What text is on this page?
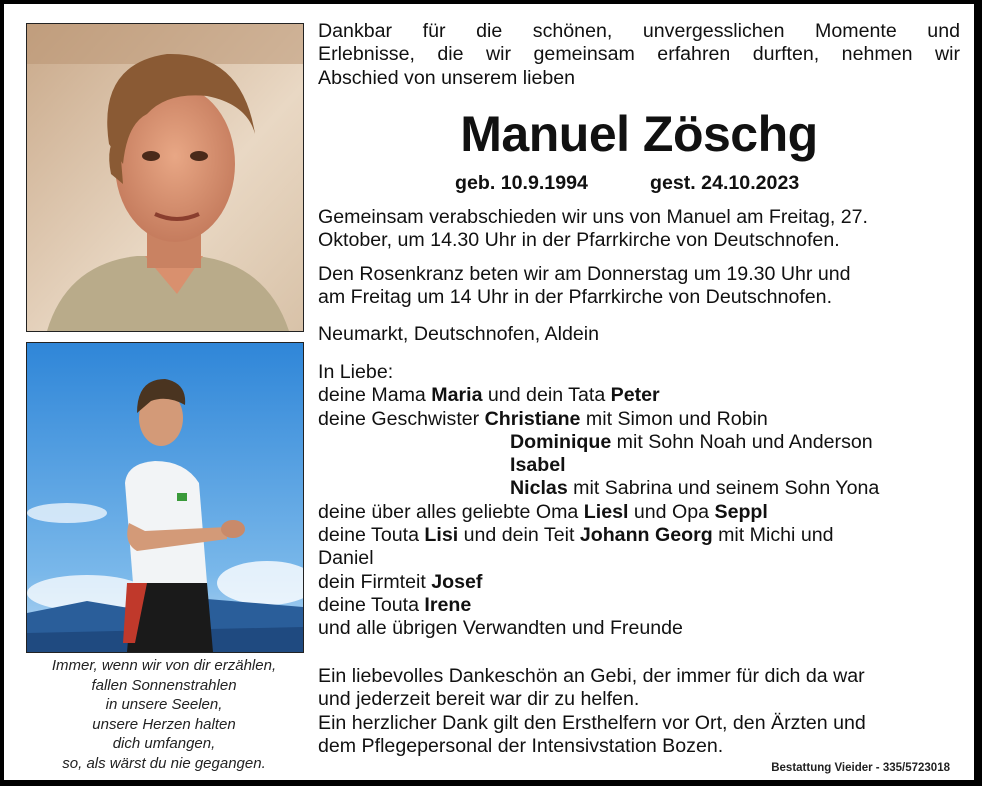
Immer, wenn wir von dir erzählen,
fallen Sonnenstrahlen
in unsere Seelen,
unsere Herzen halten
dich umfangen,
so, als wärst du nie gegangen.
Dankbar für die schönen, unvergesslichen Momente und
Erlebnisse, die wir gemeinsam erfahren durften, nehmen wir
Abschied von unserem lieben
Manuel Zöschg
geb. 10.9.1994	gest. 24.10.2023
Gemeinsam verabschieden wir uns von Manuel am Freitag, 27.
Oktober, um 14.30 Uhr in der Pfarrkirche von Deutschnofen.
Den Rosenkranz beten wir am Donnerstag um 19.30 Uhr und
am Freitag um 14 Uhr in der Pfarrkirche von Deutschnofen.
Neumarkt, Deutschnofen, Aldein
In Liebe:
deine Mama Maria und dein Tata Peter
deine Geschwister Christiane mit Simon und Robin
Dominique mit Sohn Noah und Anderson
Isabel
Niclas mit Sabrina und seinem Sohn Yona
deine über alles geliebte Oma Liesl und Opa Seppl
deine Touta Lisi und dein Teit Johann Georg mit Michi und
Daniel
dein Firmteit Josef
deine Touta Irene
und alle übrigen Verwandten und Freunde
Ein liebevolles Dankeschön an Gebi, der immer für dich da war
und jederzeit bereit war dir zu helfen.
Ein herzlicher Dank gilt den Ersthelfern vor Ort, den Ärzten und
dem Pflegepersonal der Intensivstation Bozen.
Bestattung Vieider - 335/5723018
